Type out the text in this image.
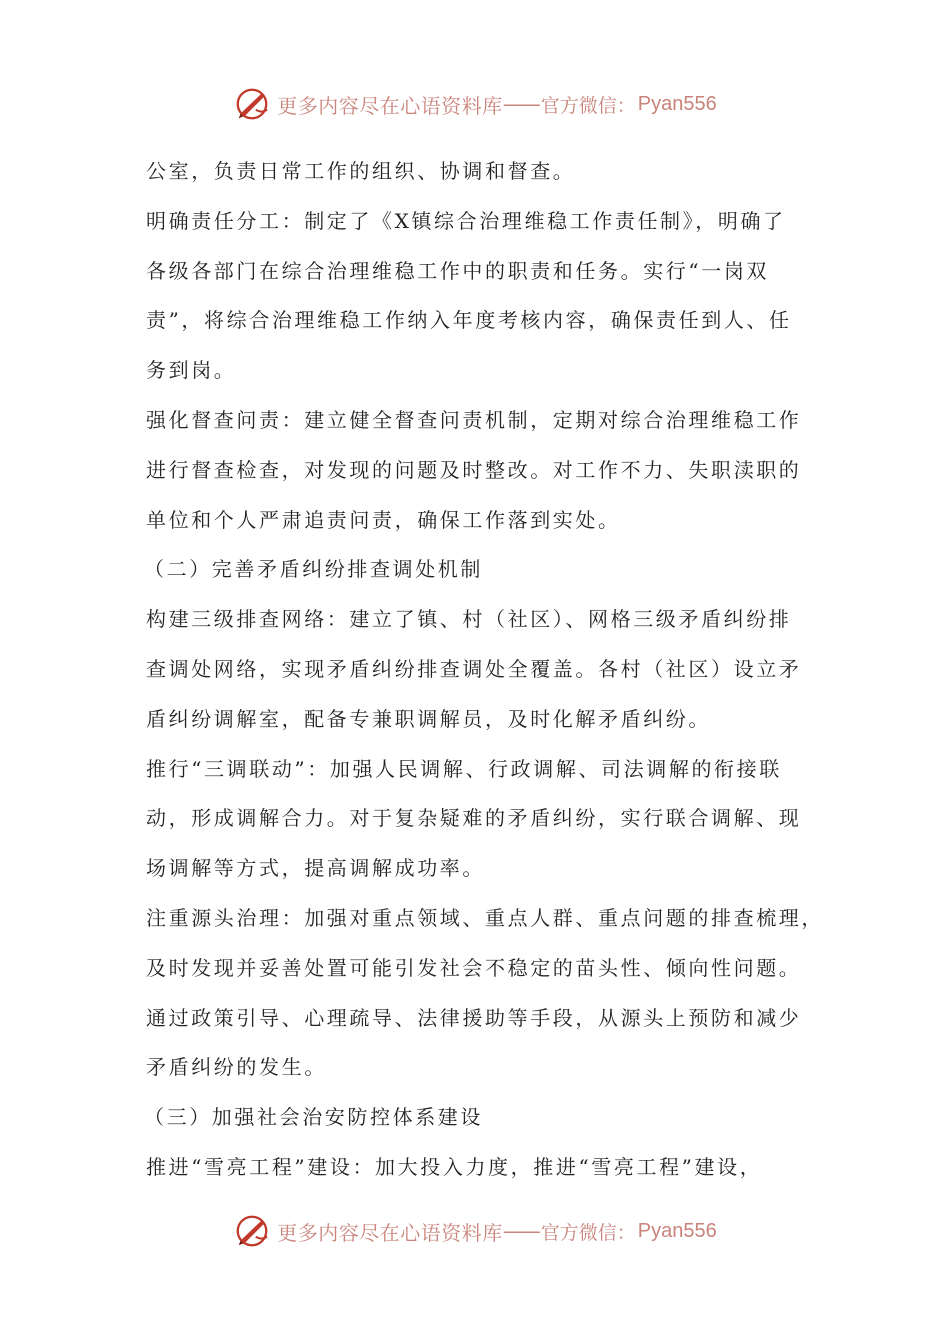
更多内容尽在心语资料库 —— 官方微信： Pyan556
公室，负责日常工作的组织、协调和督查。
明确责任分工：制定了《X镇综合治理维稳工作责任制》，明确了
各级各部门在综合治理维稳工作中的职责和任务。实行“一岗双
责”，将综合治理维稳工作纳入年度考核内容，确保责任到人、任
务到岗。
强化督查问责：建立健全督查问责机制，定期对综合治理维稳工作
进行督查检查，对发现的问题及时整改。对工作不力、失职渎职的
单位和个人严肃追责问责，确保工作落到实处。
（二）完善矛盾纠纷排查调处机制
构建三级排查网络：建立了镇、村（社区）、网格三级矛盾纠纷排
查调处网络，实现矛盾纠纷排查调处全覆盖。各村（社区）设立矛
盾纠纷调解室，配备专兼职调解员，及时化解矛盾纠纷。
推行“三调联动”：加强人民调解、行政调解、司法调解的衔接联
动，形成调解合力。对于复杂疑难的矛盾纠纷，实行联合调解、现
场调解等方式，提高调解成功率。
注重源头治理：加强对重点领域、重点人群、重点问题的排查梳理，
及时发现并妥善处置可能引发社会不稳定的苗头性、倾向性问题。
通过政策引导、心理疏导、法律援助等手段，从源头上预防和减少
矛盾纠纷的发生。
（三）加强社会治安防控体系建设
推进“雪亮工程”建设：加大投入力度，推进“雪亮工程”建设，
更多内容尽在心语资料库 —— 官方微信： Pyan556
